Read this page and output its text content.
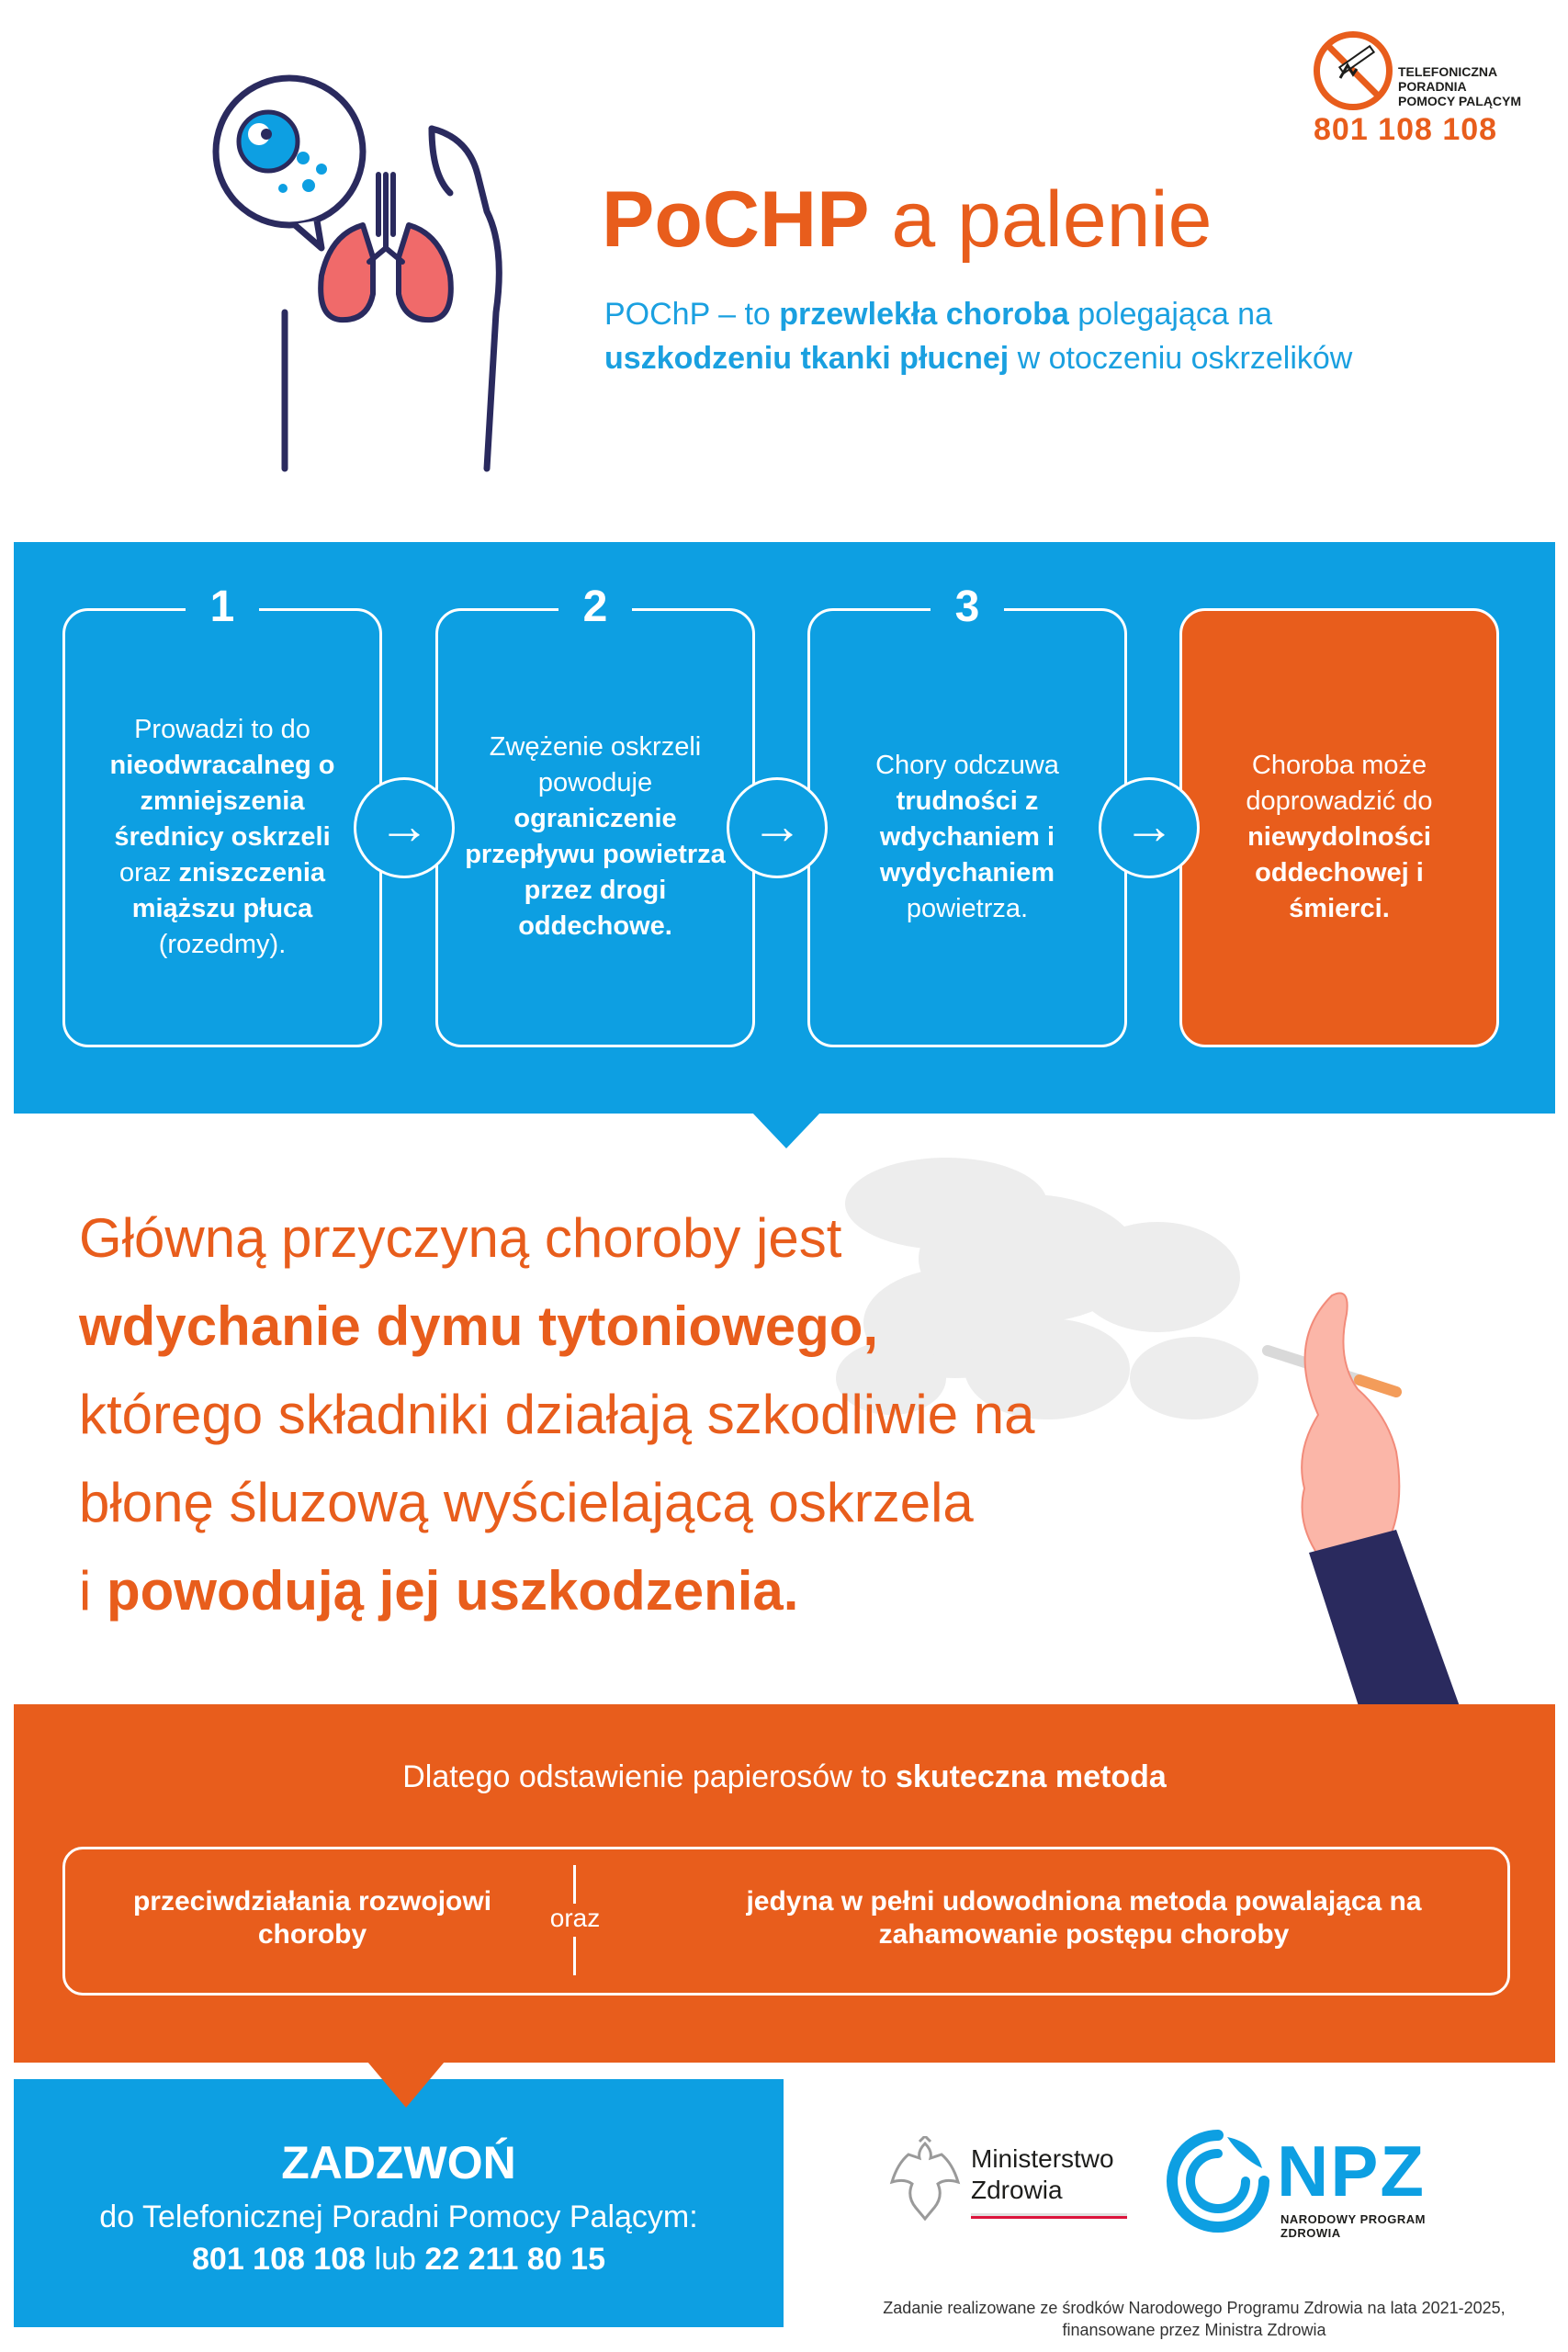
TELEFONICZNA
PORADNIA
POMOCY PALĄCYM
801 108 108
PoCHP a palenie
POChP – to przewlekła choroba polegająca na uszkodzeniu tkanki płucnej w otoczeniu oskrzelików
Prowadzi to do nieodwracalneg o zmniejszenia średnicy oskrzeli oraz zniszczenia miąższu płuca (rozedmy).
Zwężenie oskrzeli powoduje ograniczenie przepływu powietrza przez drogi oddechowe.
Chory odczuwa trudności z wdychaniem i wydychaniem powietrza.
Choroba może doprowadzić do niewydolności oddechowej i śmierci.
1	2	3
→	→	→
Główną przyczyną choroby jest
wdychanie dymu tytoniowego,
którego składniki działają szkodliwie na
błonę śluzową wyścielającą oskrzela
i powodują jej uszkodzenia.
Dlatego odstawienie papierosów to skuteczna metoda
przeciwdziałania rozwojowi choroby
oraz
jedyna w pełni udowodniona metoda powalająca na zahamowanie postępu choroby
ZADZWOŃ
do Telefonicznej Poradni Pomocy Palącym:
801 108 108 lub 22 211 80 15
Ministerstwo
Zdrowia	NPZ
NARODOWY PROGRAM ZDROWIA
Zadanie realizowane ze środków Narodowego Programu Zdrowia na lata 2021-2025,
finansowane przez Ministra Zdrowia
